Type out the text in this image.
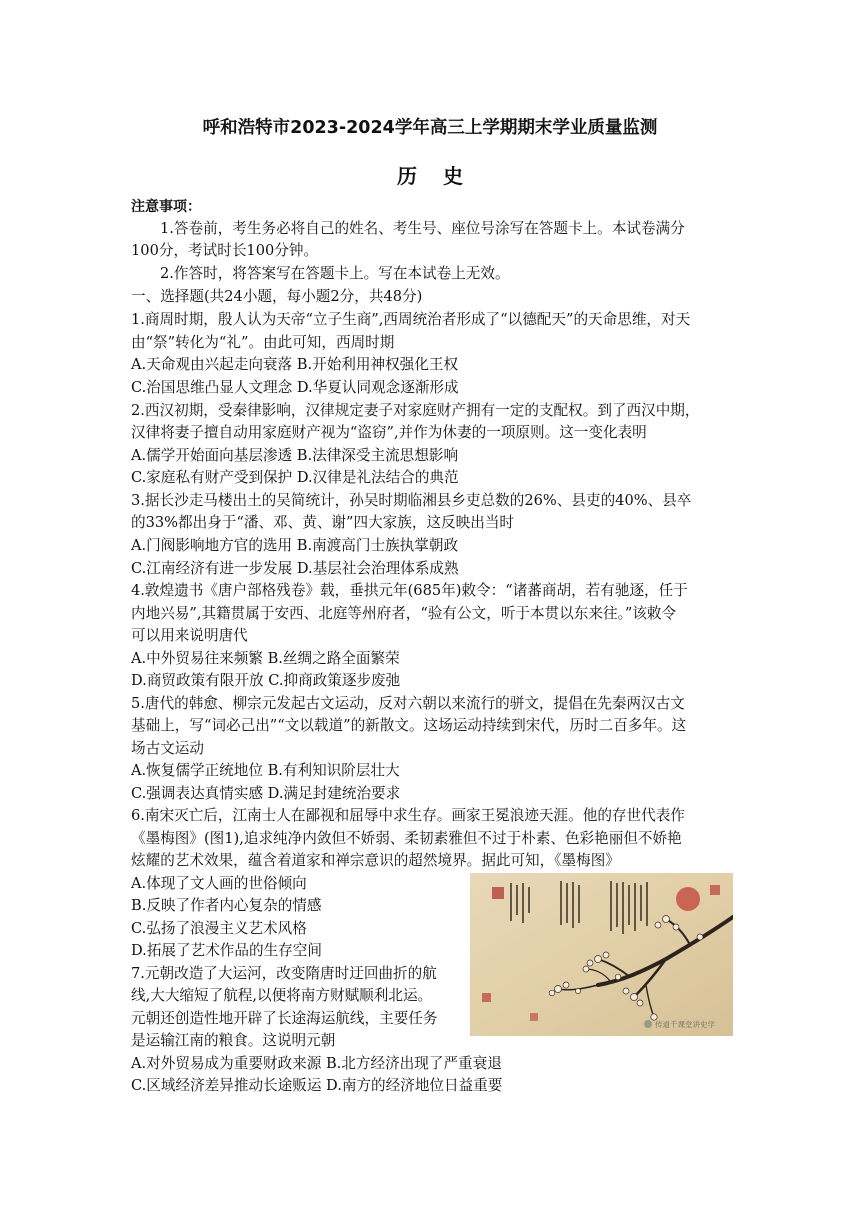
呼和浩特市2023-2024学年高三上学期期末学业质量监测
历 史
注意事项：
1.答卷前，考生务必将自己的姓名、考生号、座位号涂写在答题卡上。本试卷满分
100分，考试时长100分钟。
2.作答时，将答案写在答题卡上。写在本试卷上无效。
一、选择题(共24小题，每小题2分，共48分)
1.商周时期，殷人认为天帝“立子生商”,西周统治者形成了“以德配天”的天命思维，对天
由“祭”转化为“礼”。由此可知，西周时期
A.天命观由兴起走向衰落 B.开始利用神权强化王权
C.治国思维凸显人文理念 D.华夏认同观念逐渐形成
2.西汉初期，受秦律影响，汉律规定妻子对家庭财产拥有一定的支配权。到了西汉中期，
汉律将妻子擅自动用家庭财产视为“盗窃”,并作为休妻的一项原则。这一变化表明
A.儒学开始面向基层渗透 B.法律深受主流思想影响
C.家庭私有财产受到保护 D.汉律是礼法结合的典范
3.据长沙走马楼出土的吴简统计，孙吴时期临湘县乡吏总数的26%、县吏的40%、县卒
的33%都出身于“潘、邓、黄、谢”四大家族，这反映出当时
A.门阀影响地方官的选用 B.南渡高门士族执掌朝政
C.江南经济有进一步发展 D.基层社会治理体系成熟
4.敦煌遗书《唐户部格残卷》载，垂拱元年(685年)敕令：“诸蕃商胡，若有驰逐，任于
内地兴易”,其籍贯属于安西、北庭等州府者，“验有公文，听于本贯以东来往。”该敕令
可以用来说明唐代
A.中外贸易往来频繁 B.丝绸之路全面繁荣
D.商贸政策有限开放 C.抑商政策逐步废弛
5.唐代的韩愈、柳宗元发起古文运动，反对六朝以来流行的骈文，提倡在先秦两汉古文
基础上，写“词必己出”“文以载道”的新散文。这场运动持续到宋代，历时二百多年。这
场古文运动
A.恢复儒学正统地位 B.有利知识阶层壮大
C.强调表达真情实感 D.满足封建统治要求
6.南宋灭亡后，江南士人在鄙视和屈辱中求生存。画家王冕浪迹天涯。他的存世代表作
《墨梅图》(图1),追求纯净内敛但不娇弱、柔韧素雅但不过于朴素、色彩艳丽但不娇艳
炫耀的艺术效果，蕴含着道家和禅宗意识的超然境界。据此可知，《墨梅图》
A.体现了文人画的世俗倾向
B.反映了作者内心复杂的情感
C.弘扬了浪漫主义艺术风格
D.拓展了艺术作品的生存空间
7.元朝改造了大运河，改变隋唐时迂回曲折的航
线,大大缩短了航程,以便将南方财赋顺利北运。
元朝还创造性地开辟了长途海运航线，主要任务
是运输江南的粮食。这说明元朝
A.对外贸易成为重要财政来源 B.北方经济出现了严重衰退
C.区域经济差异推动长途贩运 D.南方的经济地位日益重要
传道千课堂讲史学
